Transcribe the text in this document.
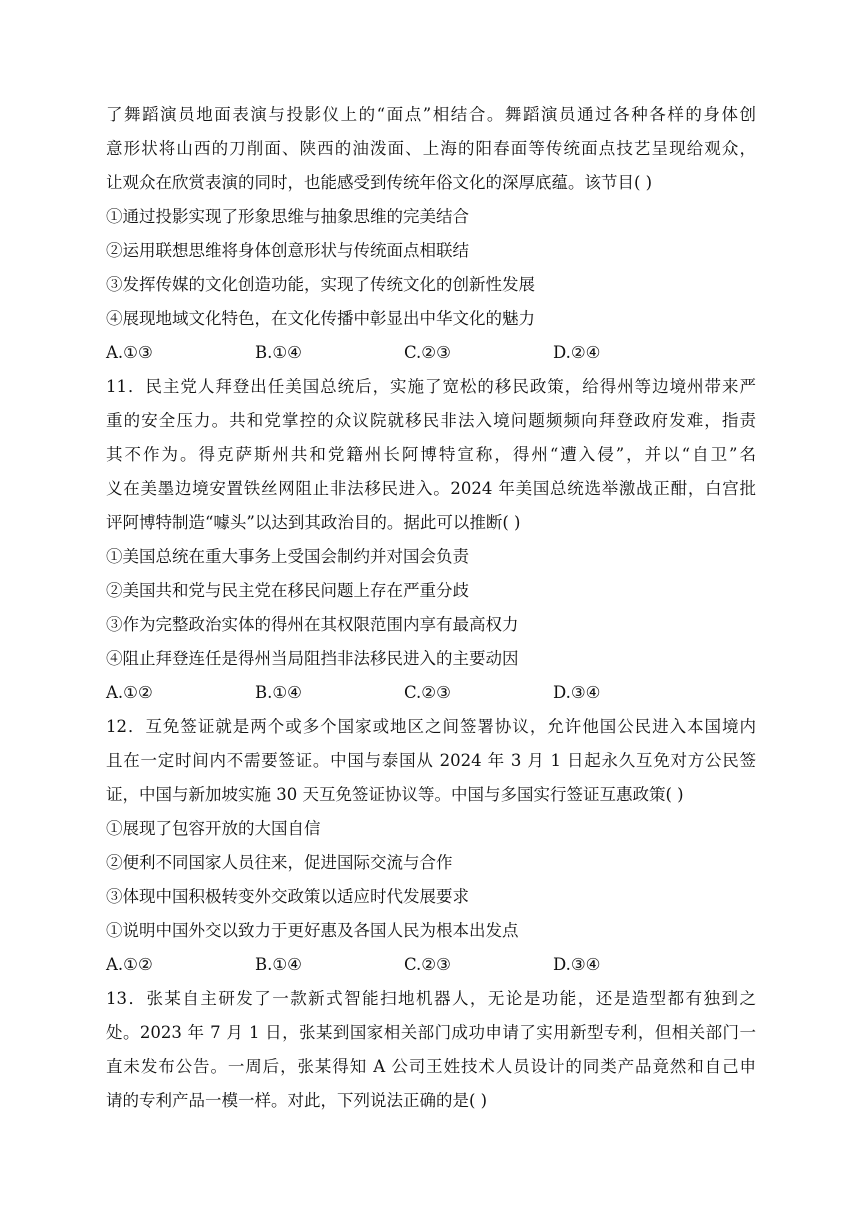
了舞蹈演员地面表演与投影仪上的“面点”相结合。舞蹈演员通过各种各样的身体创
意形状将山西的刀削面、陕西的油泼面、上海的阳春面等传统面点技艺呈现给观众，
让观众在欣赏表演的同时，也能感受到传统年俗文化的深厚底蕴。该节目( )
①通过投影实现了形象思维与抽象思维的完美结合
②运用联想思维将身体创意形状与传统面点相联结
③发挥传媒的文化创造功能，实现了传统文化的创新性发展
④展现地域文化特色，在文化传播中彰显出中华文化的魅力
A.①③	B.①④	C.②③	D.②④
11．民主党人拜登出任美国总统后，实施了宽松的移民政策，给得州等边境州带来严
重的安全压力。共和党掌控的众议院就移民非法入境问题频频向拜登政府发难，指责
其不作为。得克萨斯州共和党籍州长阿博特宣称，得州“遭入侵”，并以“自卫”名
义在美墨边境安置铁丝网阻止非法移民进入。2024 年美国总统选举激战正酣，白宫批
评阿博特制造“噱头”以达到其政治目的。据此可以推断( )
①美国总统在重大事务上受国会制约并对国会负责
②美国共和党与民主党在移民问题上存在严重分歧
③作为完整政治实体的得州在其权限范围内享有最高权力
④阻止拜登连任是得州当局阻挡非法移民进入的主要动因
A.①②	B.①④	C.②③	D.③④
12．互免签证就是两个或多个国家或地区之间签署协议，允许他国公民进入本国境内
且在一定时间内不需要签证。中国与泰国从 2024 年 3 月 1 日起永久互免对方公民签
证，中国与新加坡实施 30 天互免签证协议等。中国与多国实行签证互惠政策( )
①展现了包容开放的大国自信
②便利不同国家人员往来，促进国际交流与合作
③体现中国积极转变外交政策以适应时代发展要求
①说明中国外交以致力于更好惠及各国人民为根本出发点
A.①②	B.①④	C.②③	D.③④
13．张某自主研发了一款新式智能扫地机器人，无论是功能，还是造型都有独到之
处。2023 年 7 月 1 日，张某到国家相关部门成功申请了实用新型专利，但相关部门一
直未发布公告。一周后，张某得知 A 公司王姓技术人员设计的同类产品竟然和自己申
请的专利产品一模一样。对此，下列说法正确的是( )
